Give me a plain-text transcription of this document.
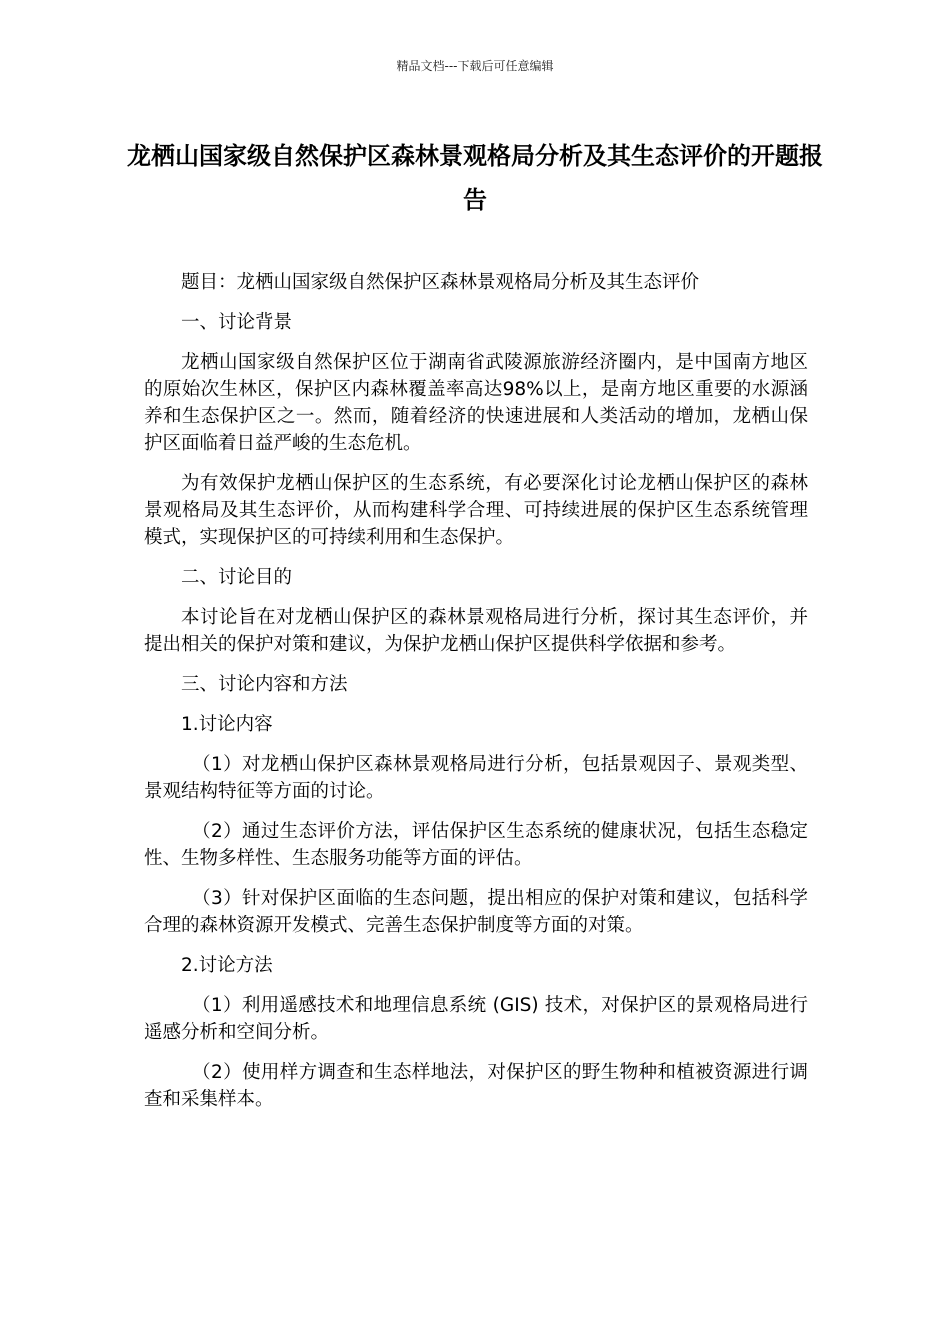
精品文档---下载后可任意编辑
龙栖山国家级自然保护区森林景观格局分析及其生态评价的开题报告

题目：龙栖山国家级自然保护区森林景观格局分析及其生态评价

一、讨论背景

龙栖山国家级自然保护区位于湖南省武陵源旅游经济圈内，是中国南方地区的原始次生林区，保护区内森林覆盖率高达98%以上，是南方地区重要的水源涵养和生态保护区之一。然而，随着经济的快速进展和人类活动的增加，龙栖山保护区面临着日益严峻的生态危机。

为有效保护龙栖山保护区的生态系统，有必要深化讨论龙栖山保护区的森林景观格局及其生态评价，从而构建科学合理、可持续进展的保护区生态系统管理模式，实现保护区的可持续利用和生态保护。

二、讨论目的

本讨论旨在对龙栖山保护区的森林景观格局进行分析，探讨其生态评价，并提出相关的保护对策和建议，为保护龙栖山保护区提供科学依据和参考。

三、讨论内容和方法

1.讨论内容

（1）对龙栖山保护区森林景观格局进行分析，包括景观因子、景观类型、景观结构特征等方面的讨论。

（2）通过生态评价方法，评估保护区生态系统的健康状况，包括生态稳定性、生物多样性、生态服务功能等方面的评估。

（3）针对保护区面临的生态问题，提出相应的保护对策和建议，包括科学合理的森林资源开发模式、完善生态保护制度等方面的对策。

2.讨论方法

（1）利用遥感技术和地理信息系统 (GIS) 技术，对保护区的景观格局进行遥感分析和空间分析。

（2）使用样方调查和生态样地法，对保护区的野生物种和植被资源进行调查和采集样本。
